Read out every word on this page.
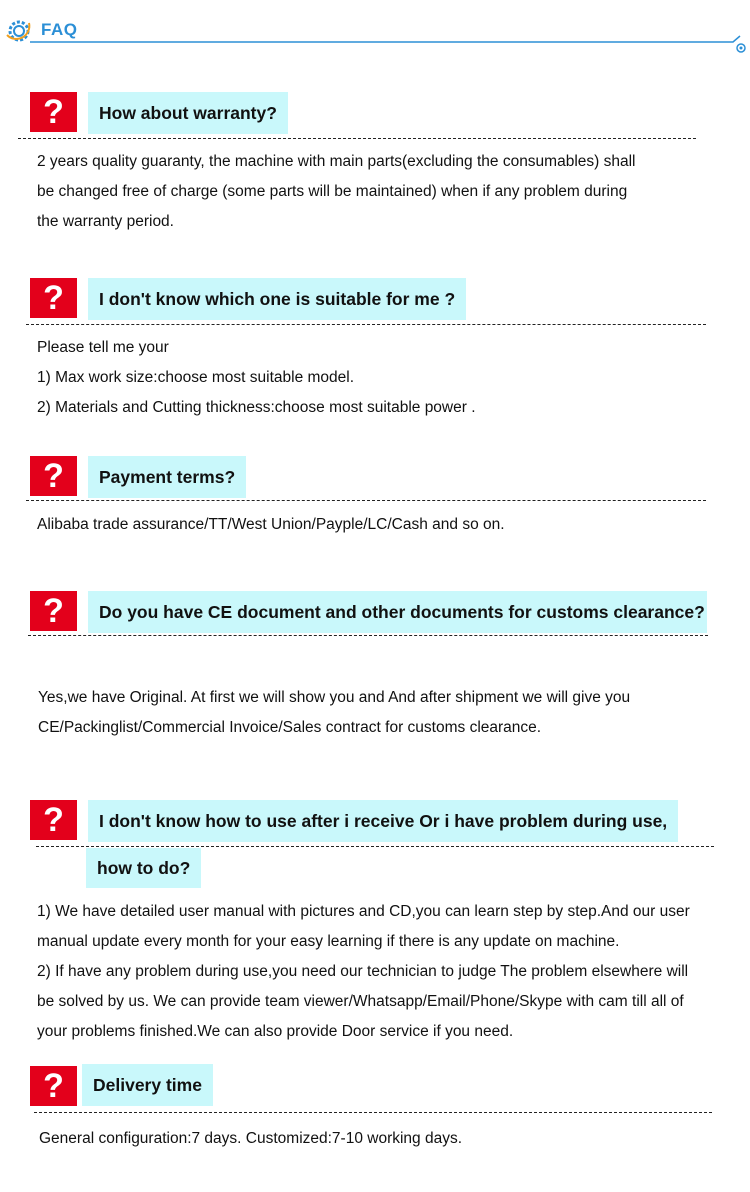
FAQ
?	How about warranty?

2 years quality guaranty, the machine with main parts(excluding the consumables) shall

be changed free of charge (some parts will be maintained) when if any problem during

the warranty period.

?	I don't know which one is suitable for me ?

Please tell me your

1) Max work size:choose most suitable model.

2) Materials and Cutting thickness:choose most suitable power .

?	Payment terms?

Alibaba trade assurance/TT/West Union/Payple/LC/Cash and so on.

?	Do you have CE document and other documents for customs clearance?

Yes,we have Original. At first we will show you and And after shipment we will give you

CE/Packinglist/Commercial Invoice/Sales contract for customs clearance.

?	I don't know how to use after i receive Or i have problem during use,
how to do?

1) We have detailed user manual with pictures and CD,you can learn step by step.And our user

manual update every month for your easy learning if there is any update on machine.

2) If have any problem during use,you need our technician to judge The problem elsewhere will

be solved by us. We can provide team viewer/Whatsapp/Email/Phone/Skype with cam till all of

your problems finished.We can also provide Door service if you need.

?	Delivery time

General configuration:7 days. Customized:7-10 working days.
